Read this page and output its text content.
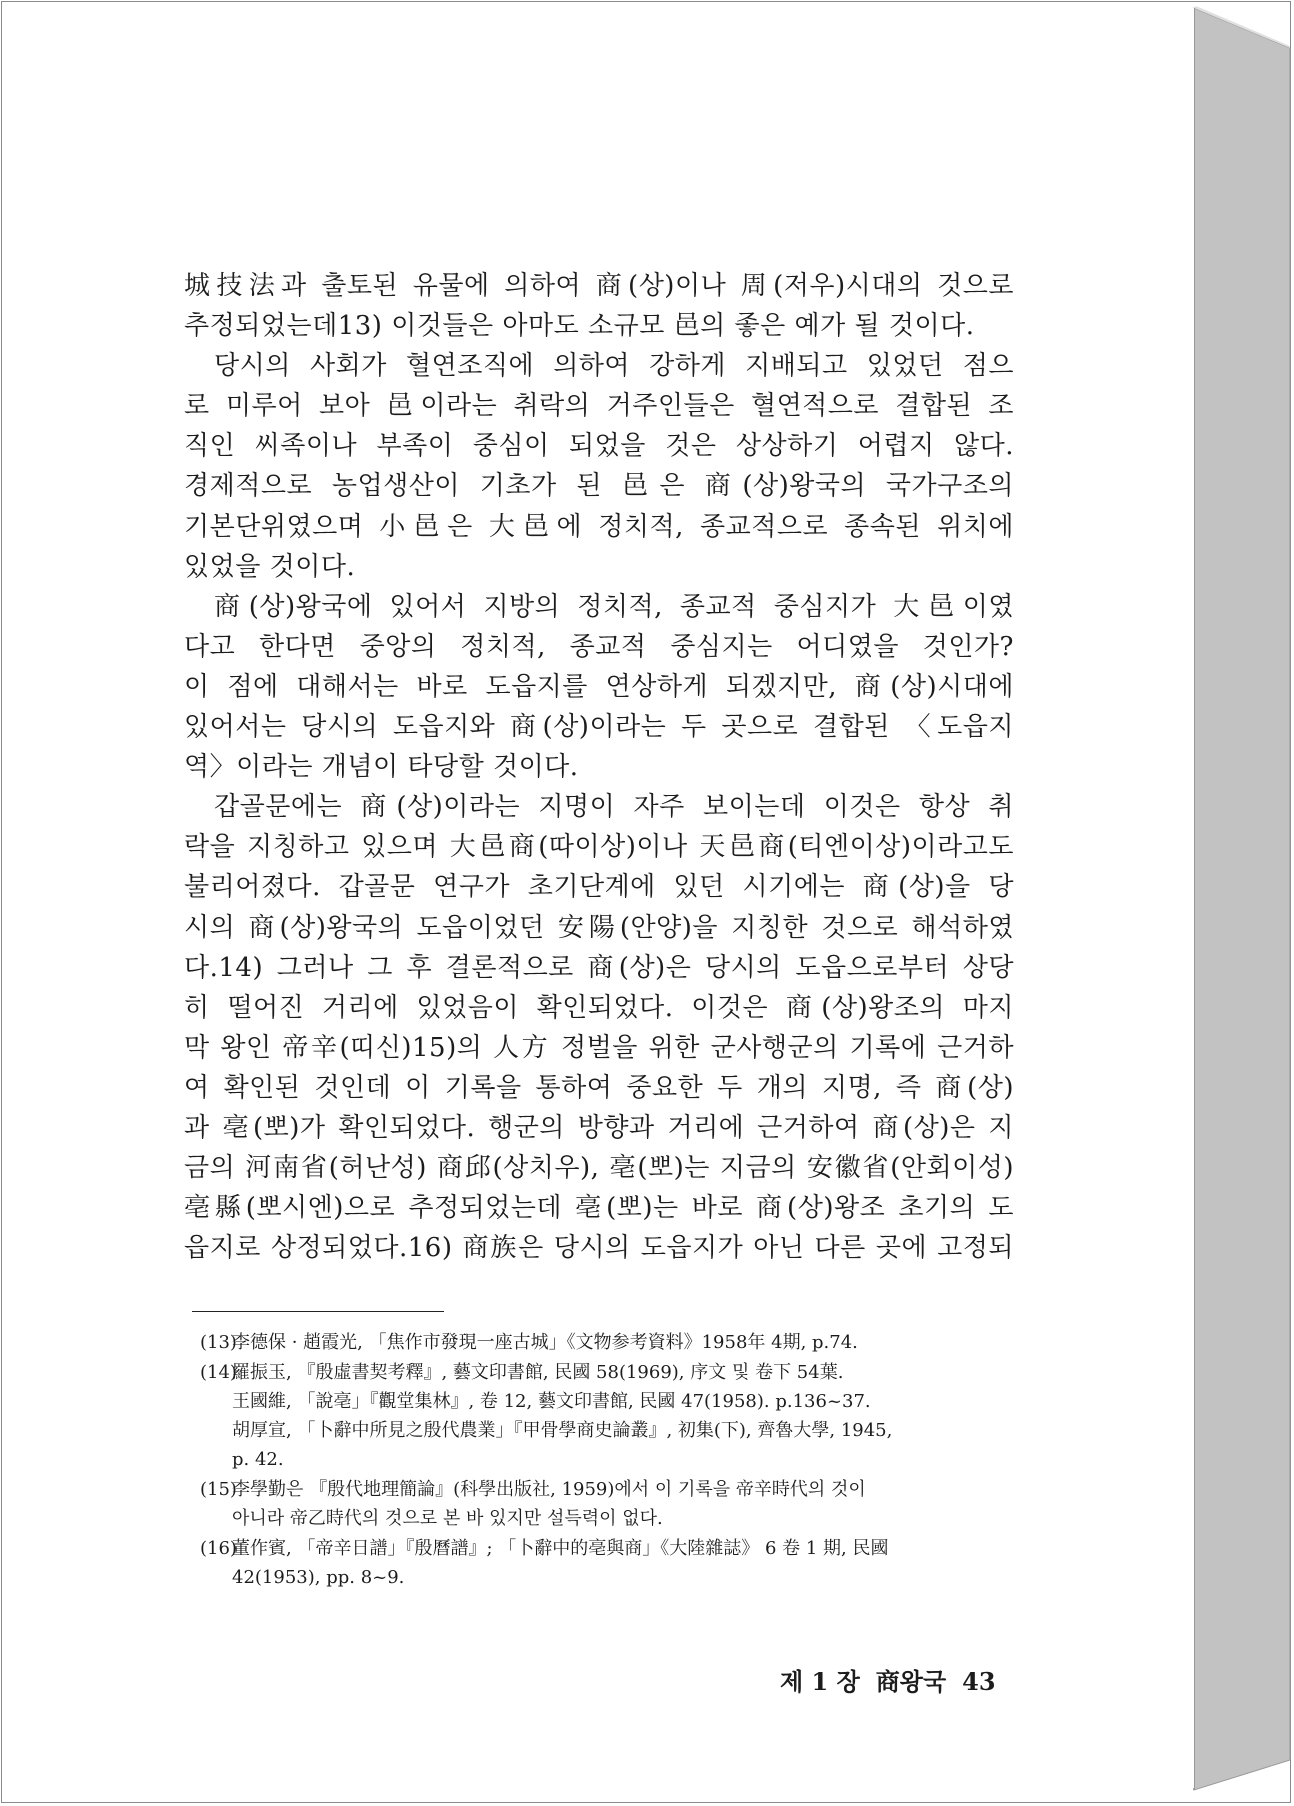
城技法과 출토된 유물에 의하여 商(상)이나 周(저우)시대의 것으로
추정되었는데13) 이것들은 아마도 소규모 邑의 좋은 예가 될 것이다.
당시의 사회가 혈연조직에 의하여 강하게 지배되고 있었던 점으
로 미루어 보아 邑이라는 취락의 거주인들은 혈연적으로 결합된 조
직인 씨족이나 부족이 중심이 되었을 것은 상상하기 어렵지 않다.
경제적으로 농업생산이 기초가 된 邑은 商(상)왕국의 국가구조의
기본단위였으며 小邑은 大邑에 정치적, 종교적으로 종속된 위치에
있었을 것이다.
商(상)왕국에 있어서 지방의 정치적, 종교적 중심지가 大邑이였
다고 한다면 중앙의 정치적, 종교적 중심지는 어디였을 것인가?
이 점에 대해서는 바로 도읍지를 연상하게 되겠지만, 商(상)시대에
있어서는 당시의 도읍지와 商(상)이라는 두 곳으로 결합된 〈도읍지
역〉이라는 개념이 타당할 것이다.
갑골문에는 商(상)이라는 지명이 자주 보이는데 이것은 항상 취
락을 지칭하고 있으며 大邑商(따이상)이나 天邑商(티엔이상)이라고도
불리어졌다. 갑골문 연구가 초기단계에 있던 시기에는 商(상)을 당
시의 商(상)왕국의 도읍이었던 安陽(안양)을 지칭한 것으로 해석하였
다.14) 그러나 그 후 결론적으로 商(상)은 당시의 도읍으로부터 상당
히 떨어진 거리에 있었음이 확인되었다. 이것은 商(상)왕조의 마지
막 왕인 帝辛(띠신)15)의 人方 정벌을 위한 군사행군의 기록에 근거하
여 확인된 것인데 이 기록을 통하여 중요한 두 개의 지명, 즉 商(상)
과 亳(뽀)가 확인되었다. 행군의 방향과 거리에 근거하여 商(상)은 지
금의 河南省(허난성) 商邱(상치우), 亳(뽀)는 지금의 安徽省(안회이성)
亳縣(뽀시엔)으로 추정되었는데 亳(뽀)는 바로 商(상)왕조 초기의 도
읍지로 상정되었다.16) 商族은 당시의 도읍지가 아닌 다른 곳에 고정되
(13)李德保 · 趙霞光, 「焦作市發現一座古城」《文物参考資料》1958年 4期, p.74.
(14)羅振玉, 『殷虛書契考釋』, 藝文印書館, 民國 58(1969), 序文 및 卷下 54葉.
王國維, 「說亳」『觀堂集林』, 卷 12, 藝文印書館, 民國 47(1958). p.136~37.
胡厚宣, 「卜辭中所見之殷代農業」『甲骨學商史論叢』, 初集(下), 齊魯大學, 1945,
p. 42.
(15)李學勤은 『殷代地理簡論』(科學出版社, 1959)에서 이 기록을 帝辛時代의 것이
아니라 帝乙時代의 것으로 본 바 있지만 설득력이 없다.
(16)董作賓, 「帝辛日譜」『殷曆譜』; 「卜辭中的亳與商」《大陸雜誌》 6 卷 1 期, 民國
42(1953), pp. 8~9.
제 1 장 商왕국 43
